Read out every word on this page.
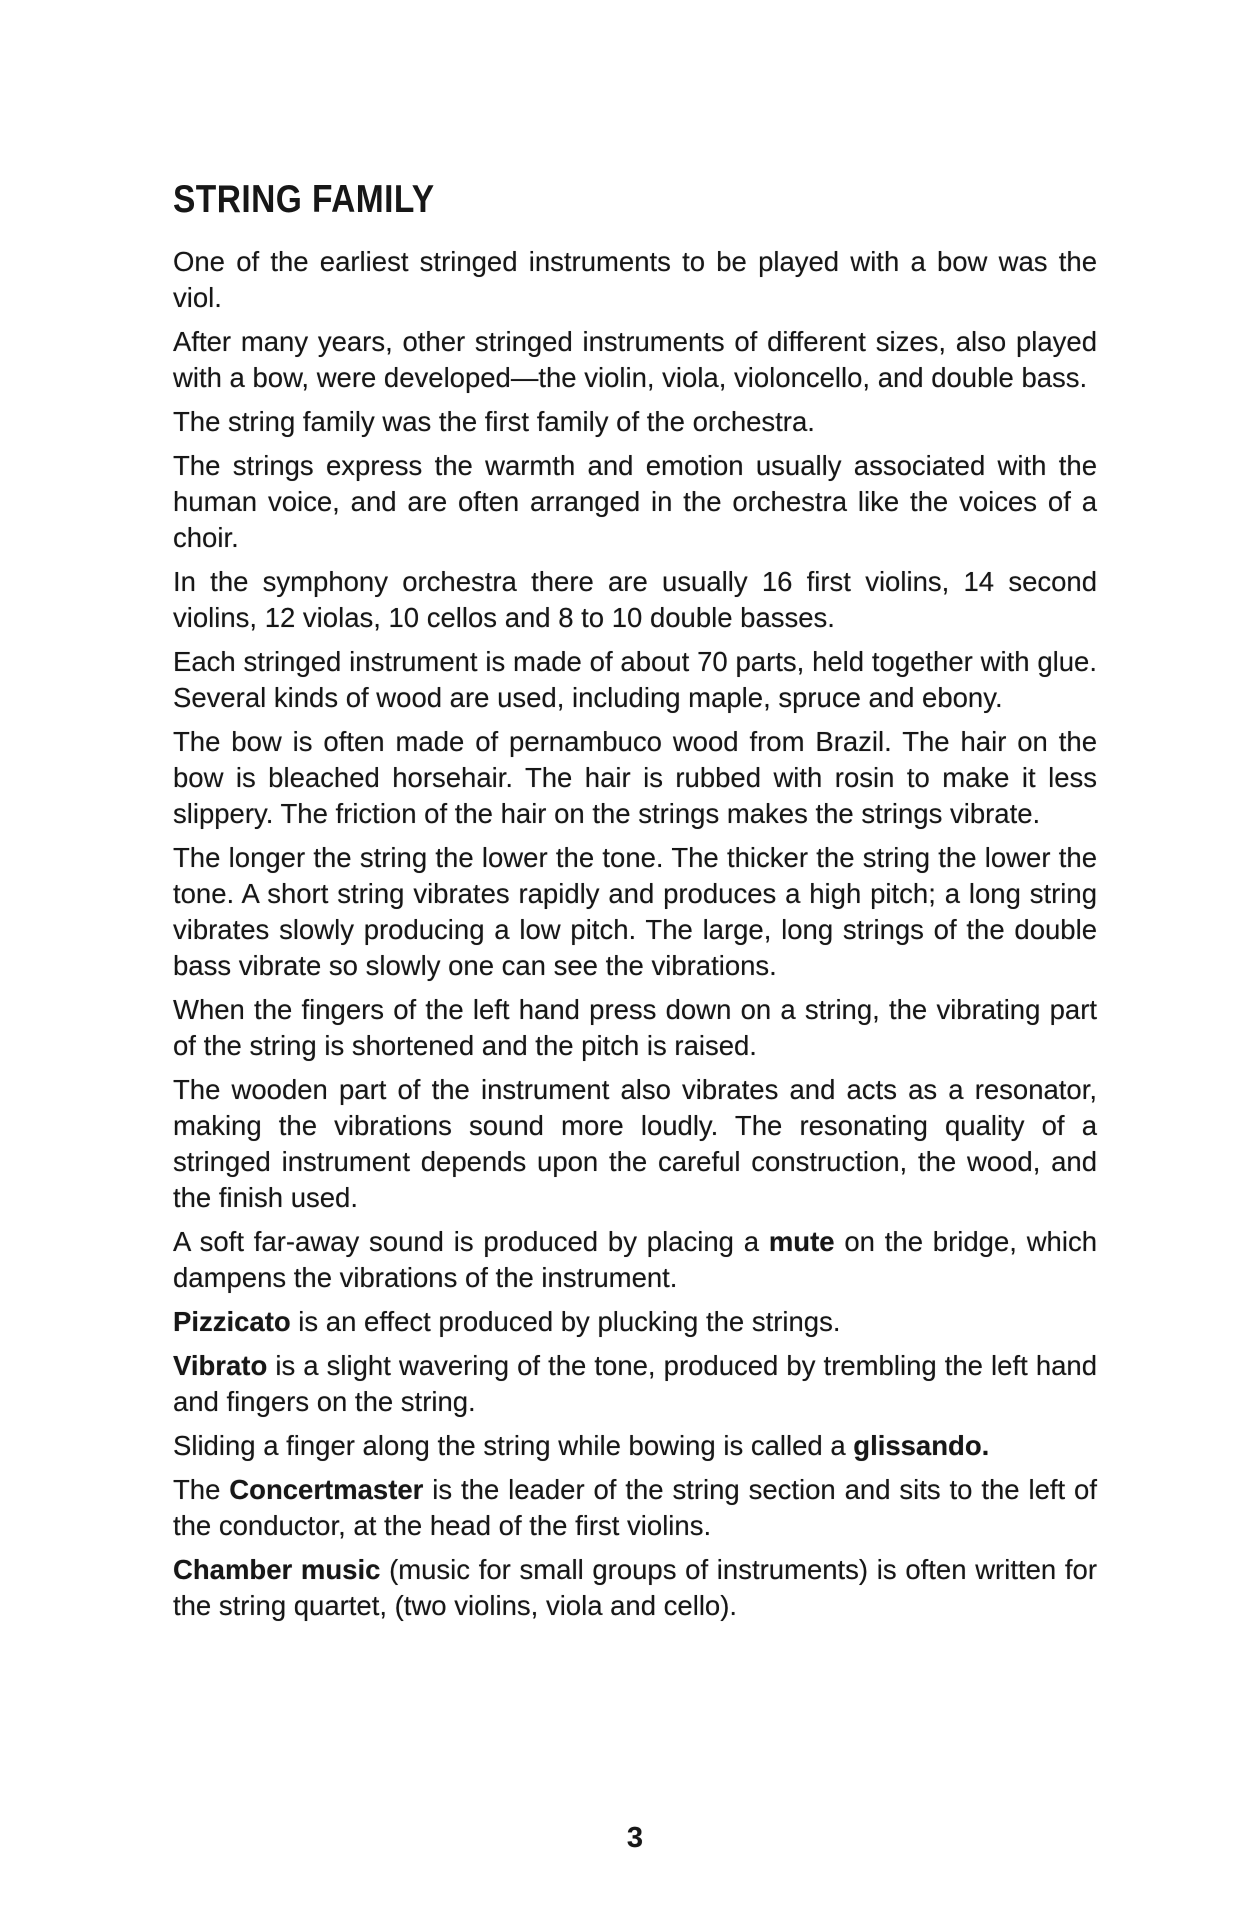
STRING FAMILY

One of the earliest stringed instruments to be played with a bow was the viol.

After many years, other stringed instruments of different sizes, also played with a bow, were developed—the violin, viola, violoncello, and double bass.

The string family was the first family of the orchestra.

The strings express the warmth and emotion usually associated with the human voice, and are often arranged in the orchestra like the voices of a choir.

In the symphony orchestra there are usually 16 first violins, 14 second violins, 12 violas, 10 cellos and 8 to 10 double basses.

Each stringed instrument is made of about 70 parts, held together with glue. Several kinds of wood are used, including maple, spruce and ebony.

The bow is often made of pernambuco wood from Brazil. The hair on the bow is bleached horsehair. The hair is rubbed with rosin to make it less slippery. The friction of the hair on the strings makes the strings vibrate.

The longer the string the lower the tone. The thicker the string the lower the tone. A short string vibrates rapidly and produces a high pitch; a long string vibrates slowly producing a low pitch. The large, long strings of the double bass vibrate so slowly one can see the vibrations.

When the fingers of the left hand press down on a string, the vibrating part of the string is shortened and the pitch is raised.

The wooden part of the instrument also vibrates and acts as a resonator, making the vibrations sound more loudly. The resonating quality of a stringed instrument depends upon the careful construction, the wood, and the finish used.

A soft far-away sound is produced by placing a mute on the bridge, which dampens the vibrations of the instrument.

Pizzicato is an effect produced by plucking the strings.

Vibrato is a slight wavering of the tone, produced by trembling the left hand and fingers on the string.

Sliding a finger along the string while bowing is called a glissando.

The Concertmaster is the leader of the string section and sits to the left of the conductor, at the head of the first violins.

Chamber music (music for small groups of instruments) is often written for the string quartet, (two violins, viola and cello).

3
